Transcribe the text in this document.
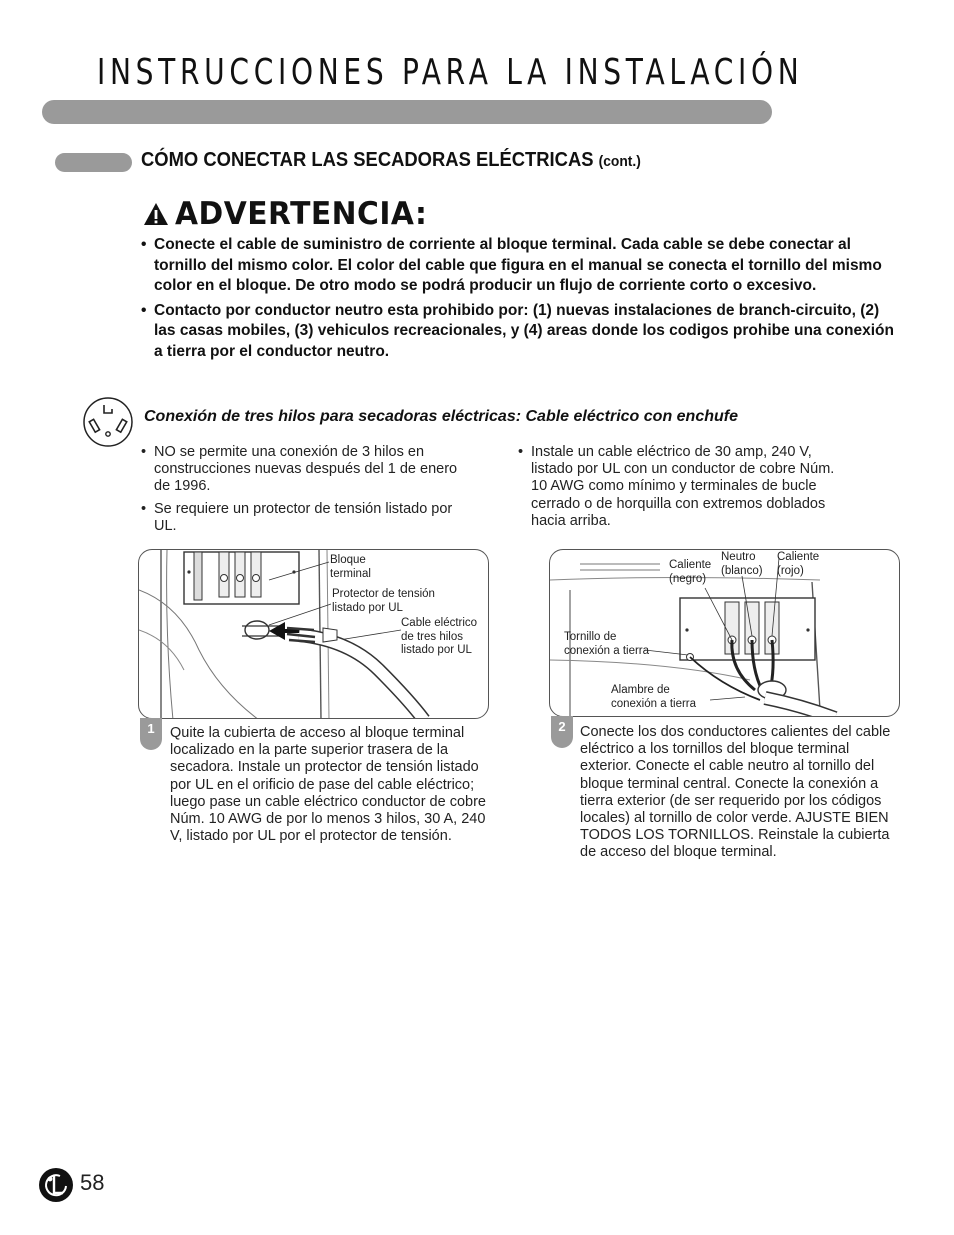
INSTRUCCIONES PARA LA INSTALACIÓN
CÓMO CONECTAR LAS SECADORAS ELÉCTRICAS (cont.)
ADVERTENCIA:
• Conecte el cable de suministro de corriente al bloque terminal. Cada cable se debe conectar al tornillo del mismo color. El color del cable que figura en el manual se conecta el tornillo del mismo color en el bloque. De otro modo se podrá producir un flujo de corriente corto o excesivo.
• Contacto por conductor neutro esta prohibido por: (1) nuevas instalaciones de branch-circuito, (2) las casas mobiles, (3) vehiculos recreacionales, y (4) areas donde los codigos prohibe una conexión a tierra por el conductor neutro.
Conexión de tres hilos para secadoras eléctricas: Cable eléctrico con enchufe
• NO se permite una conexión de 3 hilos en construcciones nuevas después del 1 de enero de 1996.
• Se requiere un protector de tensión listado por UL.
• Instale un cable eléctrico de 30 amp, 240 V, listado por UL con un conductor de cobre Núm. 10 AWG como mínimo y terminales de bucle cerrado o de horquilla con extremos doblados hacia arriba.
Bloque
terminal
Protector de tensión
listado por UL
Cable eléctrico
de tres hilos
listado por UL
1	Quite la cubierta de acceso al bloque terminal localizado en la parte superior trasera de la secadora. Instale un protector de tensión listado por UL en el orificio de pase del cable eléctrico; luego pase un cable eléctrico conductor de cobre Núm. 10 AWG de por lo menos 3 hilos, 30 A, 240 V, listado por UL por el protector de tensión.
Caliente
(negro)
Neutro
(blanco)
Caliente
(rojo)
Tornillo de
conexión a tierra
Alambre de
conexión a tierra
2 Conecte los dos conductores calientes del cable eléctrico a los tornillos del bloque terminal exterior. Conecte el cable neutro al tornillo del bloque terminal central. Conecte la conexión a tierra exterior (de ser requerido por los códigos locales) al tornillo de color verde. AJUSTE BIEN TODOS LOS TORNILLOS. Reinstale la cubierta de acceso del bloque terminal.
58
